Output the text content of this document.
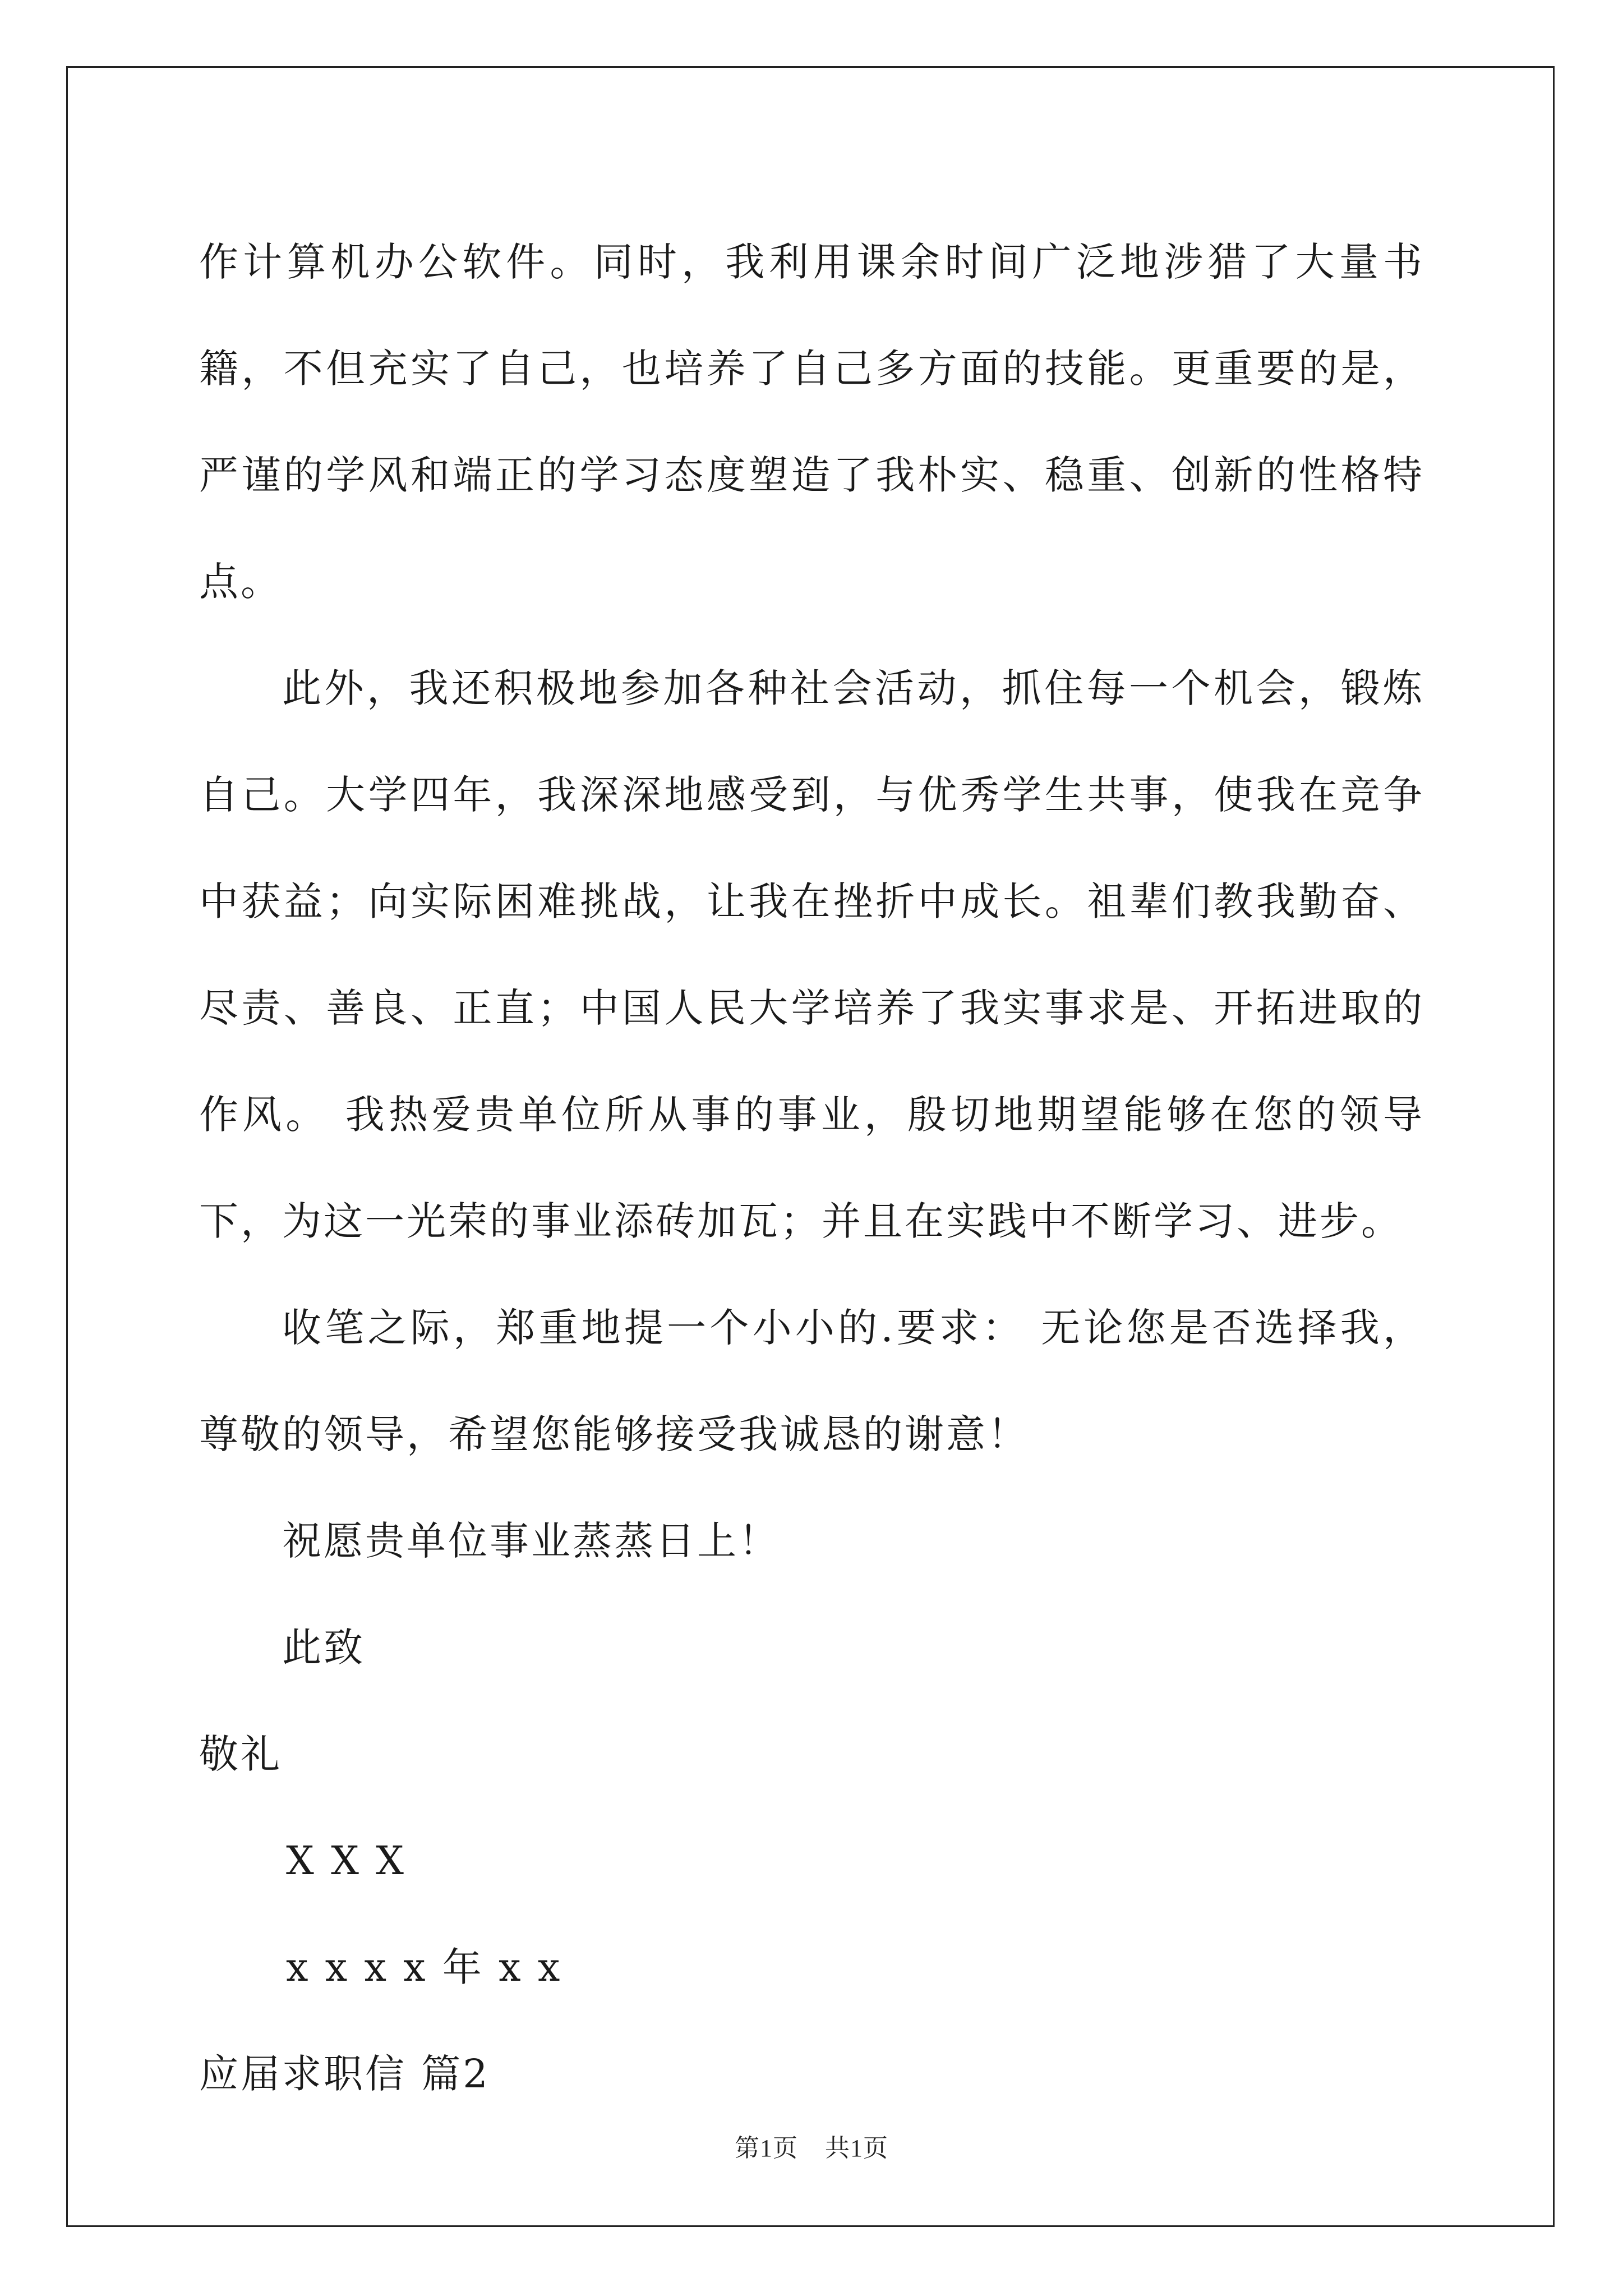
作计算机办公软件。同时，我利用课余时间广泛地涉猎了大量书籍，不但充实了自己，也培养了自己多方面的技能。更重要的是，严谨的学风和端正的学习态度塑造了我朴实、稳重、创新的性格特点。

此外，我还积极地参加各种社会活动，抓住每一个机会，锻炼自己。大学四年，我深深地感受到，与优秀学生共事，使我在竞争中获益；向实际困难挑战，让我在挫折中成长。祖辈们教我勤奋、尽责、善良、正直；中国人民大学培养了我实事求是、开拓进取的作风。 我热爱贵单位所从事的事业，殷切地期望能够在您的领导下，为这一光荣的事业添砖加瓦；并且在实践中不断学习、进步。

收笔之际，郑重地提一个小小的.要求： 无论您是否选择我，尊敬的领导，希望您能够接受我诚恳的谢意！

祝愿贵单位事业蒸蒸日上！

此致

敬礼

X X X

x x x x 年 x x

应届求职信 篇2

第1页 共1页
